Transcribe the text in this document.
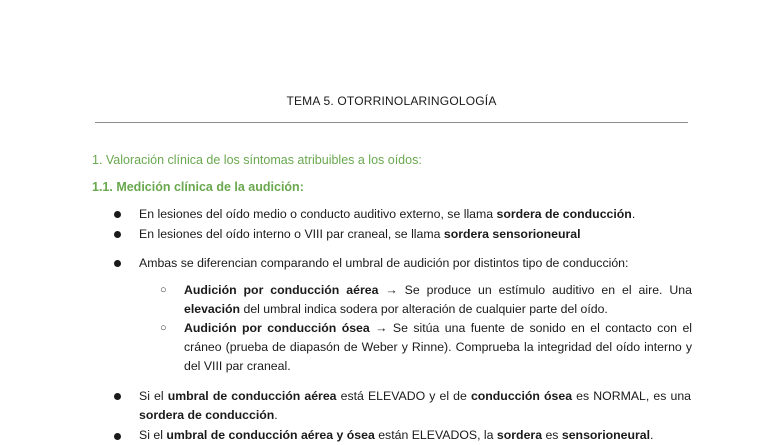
TEMA 5. OTORRINOLARINGOLOGÍA
1. Valoración clínica de los síntomas atribuibles a los oídos:
1.1. Medición clínica de la audición:
En lesiones del oído medio o conducto auditivo externo, se llama sordera de conducción.
En lesiones del oído interno o VIII par craneal, se llama sordera sensorioneural
Ambas se diferencian comparando el umbral de audición por distintos tipo de conducción:
○ Audición por conducción aérea → Se produce un estímulo auditivo en el aire. Una elevación del umbral indica sodera por alteración de cualquier parte del oído.
○ Audición por conducción ósea → Se sitúa una fuente de sonido en el contacto con el cráneo (prueba de diapasón de Weber y Rinne). Comprueba la integridad del oído interno y del VIII par craneal.
Si el umbral de conducción aérea está ELEVADO y el de conducción ósea es NORMAL, es una sordera de conducción.
Si el umbral de conducción aérea y ósea están ELEVADOS, la sordera es sensorioneural.
